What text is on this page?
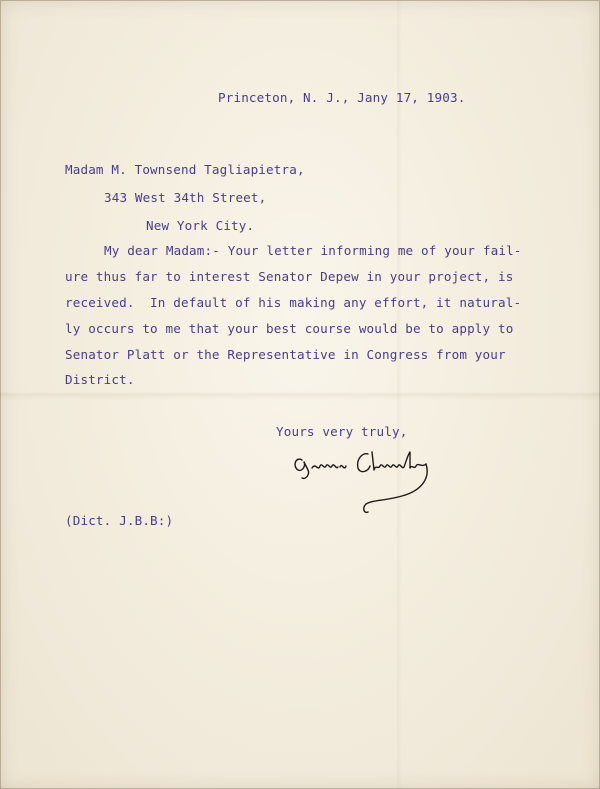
Princeton, N. J., Jany 17, 1903.
Madam M. Townsend Tagliapietra,
343 West 34th Street,
New York City.
My dear Madam:- Your letter informing me of your fail-
ure thus far to interest Senator Depew in your project, is
received.  In default of his making any effort, it natural-
ly occurs to me that your best course would be to apply to
Senator Platt or the Representative in Congress from your
District.
Yours very truly,
(Dict. J.B.B:)
